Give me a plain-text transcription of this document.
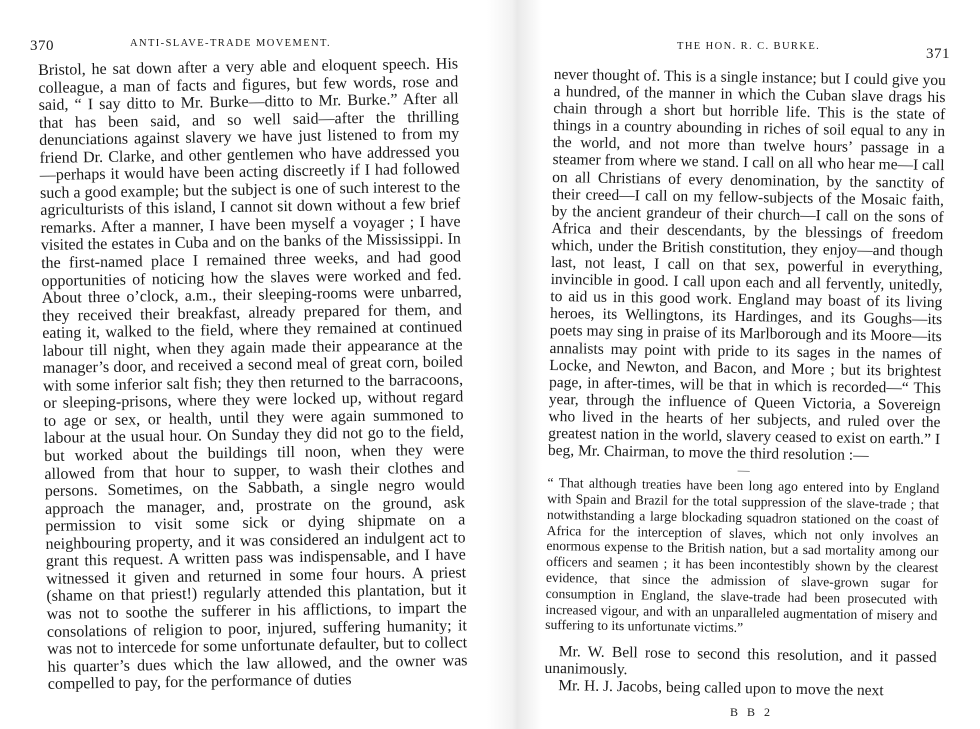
370	ANTI-SLAVE-TRADE MOVEMENT.

Bristol, he sat down after a very able and eloquent speech. His colleague, a man of facts and figures, but few words, rose and said, “ I say ditto to Mr. Burke—ditto to Mr. Burke.” After all that has been said, and so well said—after the thrilling denunciations against slavery we have just listened to from my friend Dr. Clarke, and other gentlemen who have addressed you—perhaps it would have been acting discreetly if I had followed such a good example; but the subject is one of such interest to the agriculturists of this island, I cannot sit down without a few brief remarks. After a manner, I have been myself a voyager ; I have visited the estates in Cuba and on the banks of the Mississippi. In the first-named place I remained three weeks, and had good opportunities of noticing how the slaves were worked and fed. About three o’clock, a.m., their sleeping-rooms were unbarred, they received their breakfast, already prepared for them, and eating it, walked to the field, where they remained at continued labour till night, when they again made their appearance at the manager’s door, and received a second meal of great corn, boiled with some inferior salt fish; they then returned to the barracoons, or sleeping-prisons, where they were locked up, without regard to age or sex, or health, until they were again summoned to labour at the usual hour. On Sunday they did not go to the field, but worked about the buildings till noon, when they were allowed from that hour to supper, to wash their clothes and persons. Sometimes, on the Sabbath, a single negro would approach the manager, and, prostrate on the ground, ask permission to visit some sick or dying shipmate on a neighbouring property, and it was considered an indulgent act to grant this request. A written pass was indispensable, and I have witnessed it given and returned in some four hours. A priest (shame on that priest!) regularly attended this plantation, but it was not to soothe the sufferer in his afflictions, to impart the consolations of religion to poor, injured, suffering humanity; it was not to intercede for some unfortunate defaulter, but to collect his quarter’s dues which the law allowed, and the owner was compelled to pay, for the performance of duties

THE HON. R. C. BURKE.	371
never thought of. This is a single instance; but I could give you a hundred, of the manner in which the Cuban slave drags his chain through a short but horrible life. This is the state of things in a country abounding in riches of soil equal to any in the world, and not more than twelve hours’ passage in a steamer from where we stand. I call on all who hear me—I call on all Christians of every denomination, by the sanctity of their creed—I call on my fellow-subjects of the Mosaic faith, by the ancient grandeur of their church—I call on the sons of Africa and their descendants, by the blessings of freedom which, under the British constitution, they enjoy—and though last, not least, I call on that sex, powerful in everything, invincible in good. I call upon each and all fervently, unitedly, to aid us in this good work. England may boast of its living heroes, its Wellingtons, its Hardinges, and its Goughs—its poets may sing in praise of its Marlborough and its Moore—its annalists may point with pride to its sages in the names of Locke, and Newton, and Bacon, and More ; but its brightest page, in after-times, will be that in which is recorded—“ This year, through the influence of Queen Victoria, a Sovereign who lived in the hearts of her subjects, and ruled over the greatest nation in the world, slavery ceased to exist on earth.” I beg, Mr. Chairman, to move the third resolution :—
—
“ That although treaties have been long ago entered into by England with Spain and Brazil for the total suppression of the slave-trade ; that notwithstanding a large blockading squadron stationed on the coast of Africa for the interception of slaves, which not only involves an enormous expense to the British nation, but a sad mortality among our officers and seamen ; it has been incontestibly shown by the clearest evidence, that since the admission of slave-grown sugar for consumption in England, the slave-trade had been prosecuted with increased vigour, and with an unparalleled augmentation of misery and suffering to its unfortunate victims.”
Mr. W. Bell rose to second this resolution, and it passed unanimously.
Mr. H. J. Jacobs, being called upon to move the next
B B 2
